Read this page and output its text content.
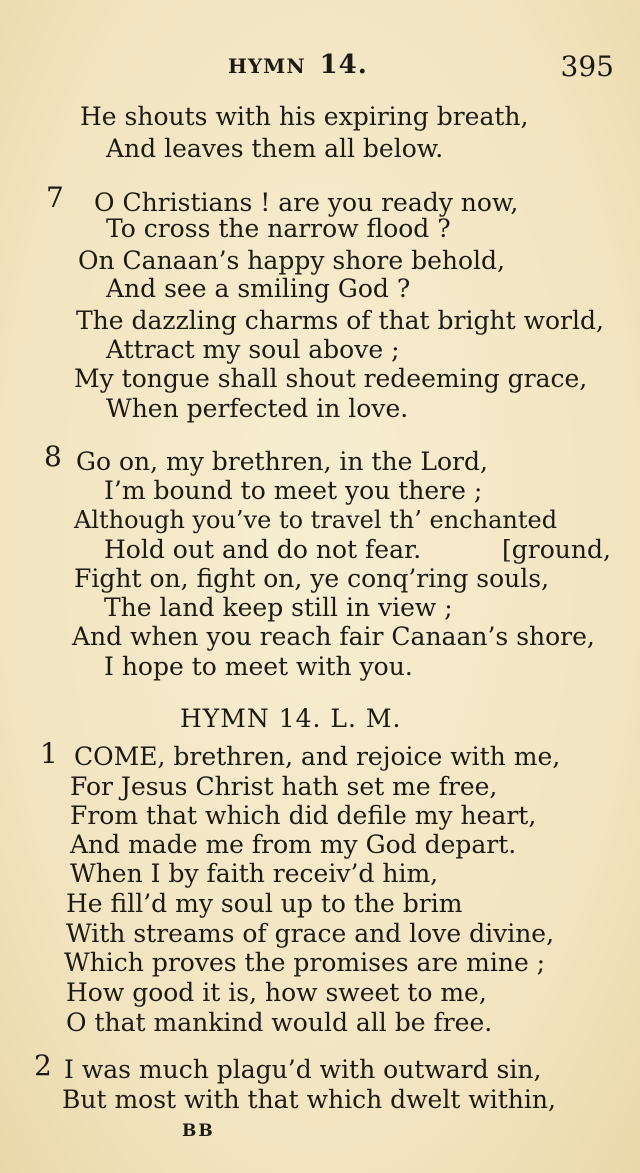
HYMN 14.	395
He shouts with his expiring breath,
And leaves them all below.
7 O Christians ! are you ready now,
To cross the narrow flood ?
On Canaan’s happy shore behold,
And see a smiling God ?
The dazzling charms of that bright world,
Attract my soul above ;
My tongue shall shout redeeming grace,
When perfected in love.
8 Go on, my brethren, in the Lord,
I’m bound to meet you there ;
Although you’ve to travel th’ enchanted
Hold out and do not fear.	[ground,
Fight on, fight on, ye conq’ring souls,
The land keep still in view ;
And when you reach fair Canaan’s shore,
I hope to meet with you.
HYMN 14. L. M.
1 COME, brethren, and rejoice with me,
For Jesus Christ hath set me free,
From that which did defile my heart,
And made me from my God depart.
When I by faith receiv’d him,
He fill’d my soul up to the brim
With streams of grace and love divine,
Which proves the promises are mine ;
How good it is, how sweet to me,
O that mankind would all be free.
2 I was much plagu’d with outward sin,
But most with that which dwelt within,
BB
